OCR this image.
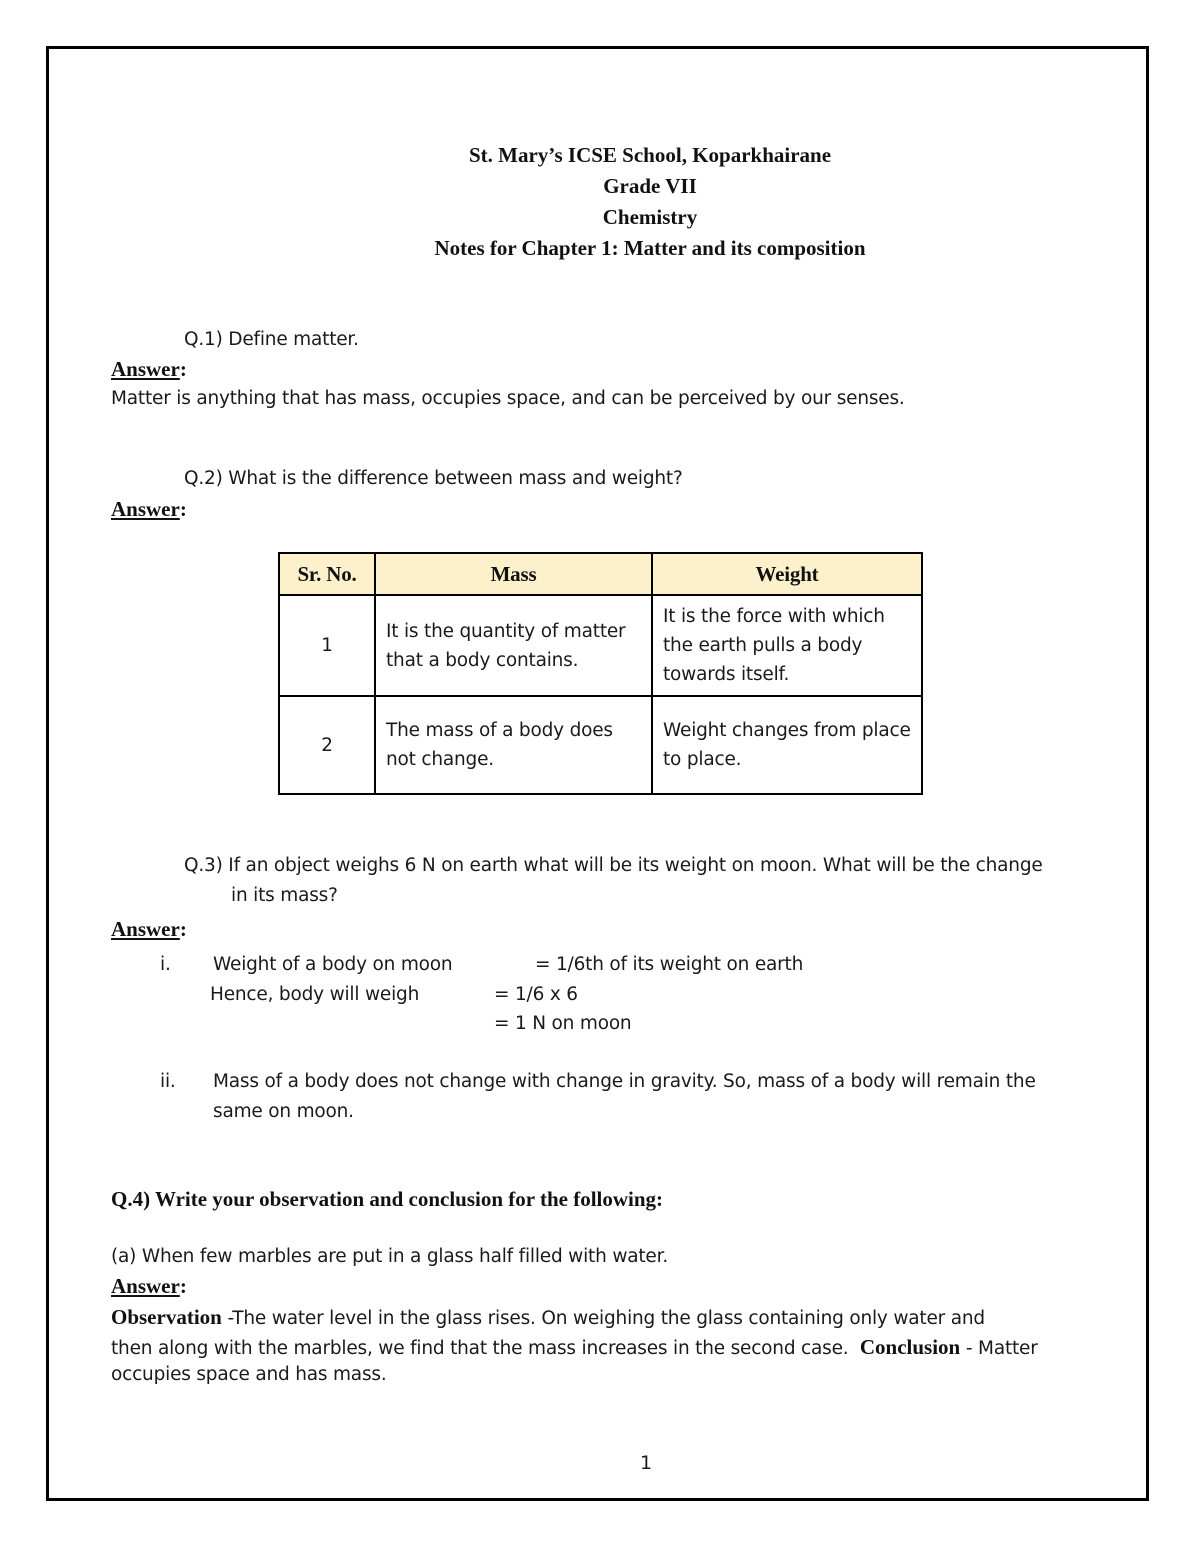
St. Mary’s ICSE School, Koparkhairane
Grade VII
Chemistry
Notes for Chapter 1: Matter and its composition
Q.1) Define matter.
Answer:
Matter is anything that has mass, occupies space, and can be perceived by our senses.
Q.2) What is the difference between mass and weight?
Answer:
Sr. No.	Mass	Weight
1	It is the quantity of matter that a body contains.	It is the force with which the earth pulls a body towards itself.
2	The mass of a body does not change.	Weight changes from place to place.
Q.3) If an object weighs 6 N on earth what will be its weight on moon. What will be the change
in its mass?
Answer:
i. Weight of a body on moon	= 1/6th of its weight on earth
Hence, body will weigh	= 1/6 x 6
= 1 N on moon
ii. Mass of a body does not change with change in gravity. So, mass of a body will remain the
same on moon.
Q.4) Write your observation and conclusion for the following:
(a) When few marbles are put in a glass half filled with water.
Answer:
Observation -The water level in the glass rises. On weighing the glass containing only water and
then along with the marbles, we find that the mass increases in the second case. Conclusion - Matter
occupies space and has mass.
1
